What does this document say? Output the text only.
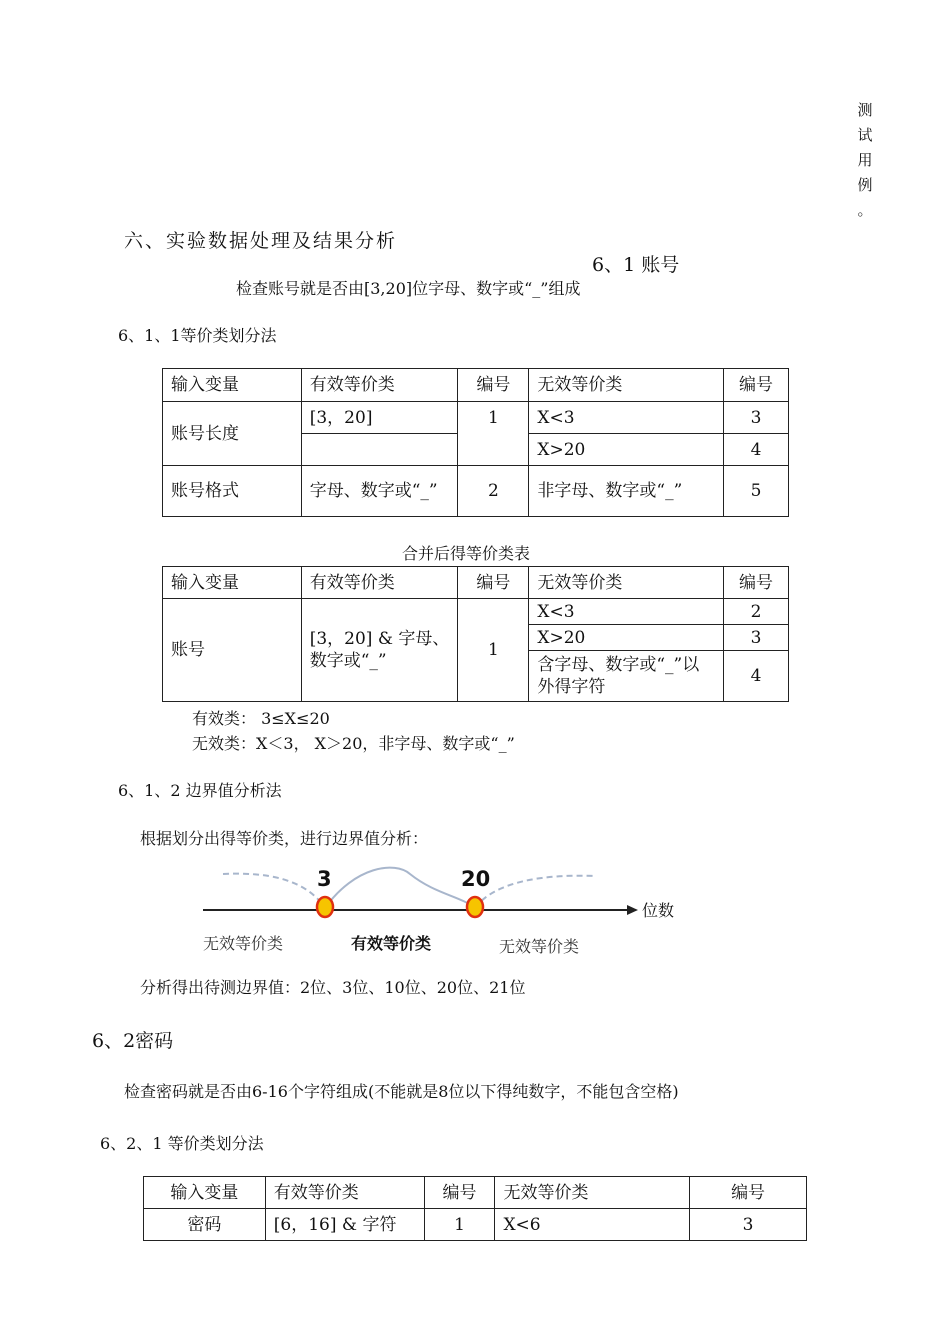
测
试
用
例
。
六、实验数据处理及结果分析
6、1 账号
检查账号就是否由[3,20]位字母、数字或“_”组成
6、1、1等价类划分法
输入变量	有效等价类	编号	无效等价类	编号
账号长度	[3，20]	1	X<3	3
			X>20	4
账号格式	字母、数字或“_”	2	非字母、数字或“_”	5
合并后得等价类表
输入变量	有效等价类	编号	无效等价类	编号
账号	[3，20] & 字母、数字或“_”	1	X<3	2
			X>20	3
			含字母、数字或“_”以外得字符	4
有效类： 3≤X≤20
无效类：X＜3， X＞20，非字母、数字或“_”
6、1、2 边界值分析法
根据划分出得等价类，进行边界值分析：
3	20
位数
无效等价类	有效等价类	无效等价类
分析得出待测边界值：2位、3位、10位、20位、21位
6、2密码
检查密码就是否由6-16个字符组成(不能就是8位以下得纯数字，不能包含空格)
6、2、1 等价类划分法
输入变量	有效等价类	编号	无效等价类	编号
密码	[6，16] & 字符	1	X<6	3
